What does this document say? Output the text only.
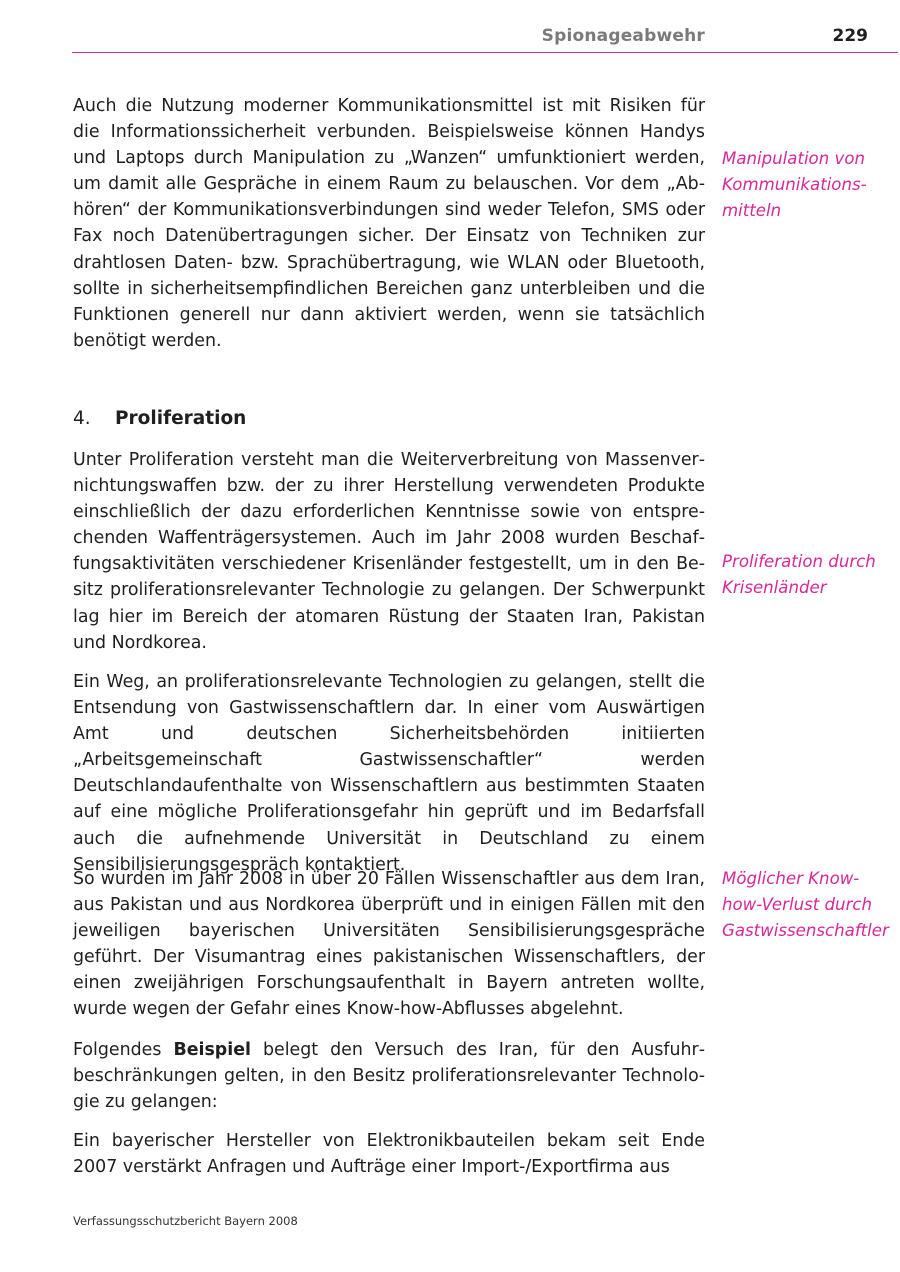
Spionageabwehr	229

Auch die Nutzung moderner Kommunikationsmittel ist mit Risiken für die Informationssicherheit verbunden. Beispielsweise können Handys und Laptops durch Manipulation zu „Wanzen“ umfunktioniert werden, um damit alle Gespräche in einem Raum zu belauschen. Vor dem „Abhören“ der Kommunikationsverbindungen sind weder Telefon, SMS oder Fax noch Datenübertragungen sicher. Der Einsatz von Techniken zur drahtlosen Daten- bzw. Sprachübertragung, wie WLAN oder Bluetooth, sollte in sicherheitsempfindlichen Bereichen ganz unterbleiben und die Funktionen generell nur dann aktiviert werden, wenn sie tatsächlich benötigt werden.

Manipulation von Kommunikationsmitteln
4. Proliferation

Unter Proliferation versteht man die Weiterverbreitung von Massenvernichtungswaffen bzw. der zu ihrer Herstellung verwendeten Produkte einschließlich der dazu erforderlichen Kenntnisse sowie von entsprechenden Waffenträgersystemen. Auch im Jahr 2008 wurden Beschaffungsaktivitäten verschiedener Krisenländer festgestellt, um in den Besitz proliferationsrelevanter Technologie zu gelangen. Der Schwerpunkt lag hier im Bereich der atomaren Rüstung der Staaten Iran, Pakistan und Nordkorea.

Proliferation durch Krisenländer

Ein Weg, an proliferationsrelevante Technologien zu gelangen, stellt die Entsendung von Gastwissenschaftlern dar. In einer vom Auswärtigen Amt und deutschen Sicherheitsbehörden initiierten „Arbeitsgemeinschaft Gastwissenschaftler“ werden Deutschlandaufenthalte von Wissenschaftlern aus bestimmten Staaten auf eine mögliche Proliferationsgefahr hin geprüft und im Bedarfsfall auch die aufnehmende Universität in Deutschland zu einem Sensibilisierungsgespräch kontaktiert.

So wurden im Jahr 2008 in über 20 Fällen Wissenschaftler aus dem Iran, aus Pakistan und aus Nordkorea überprüft und in einigen Fällen mit den jeweiligen bayerischen Universitäten Sensibilisierungsgespräche geführt. Der Visumantrag eines pakistanischen Wissenschaftlers, der einen zweijährigen Forschungsaufenthalt in Bayern antreten wollte, wurde wegen der Gefahr eines Know-how-Abflusses abgelehnt.

Möglicher Know-how-Verlust durch Gastwissenschaftler

Folgendes Beispiel belegt den Versuch des Iran, für den Ausfuhrbeschränkungen gelten, in den Besitz proliferationsrelevanter Technologie zu gelangen:

Ein bayerischer Hersteller von Elektronikbauteilen bekam seit Ende 2007 verstärkt Anfragen und Aufträge einer Import-/Exportfirma aus

Verfassungsschutzbericht Bayern 2008
